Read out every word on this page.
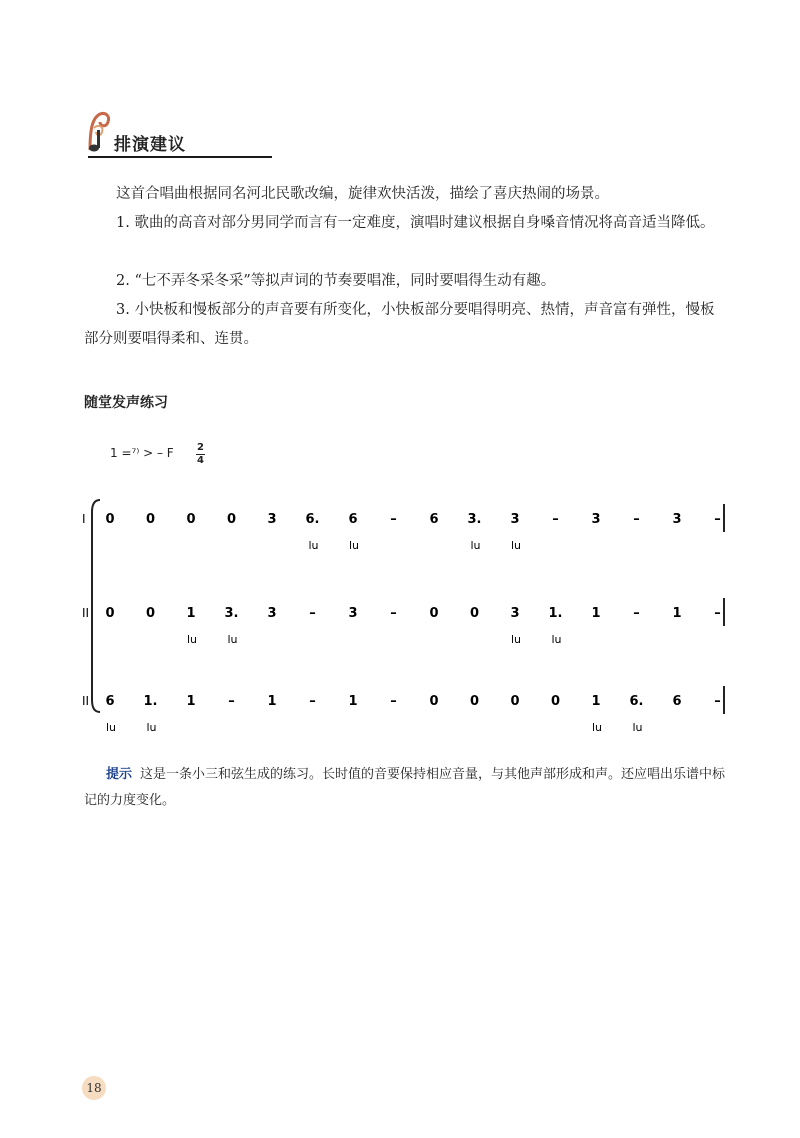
排演建议
这首合唱曲根据同名河北民歌改编，旋律欢快活泼，描绘了喜庆热闹的场景。
1. 歌曲的高音对部分男同学而言有一定难度，演唱时建议根据自身嗓音情况将高音适当降低。
2. “七不弄冬采冬采”等拟声词的节奏要唱准，同时要唱得生动有趣。
3. 小快板和慢板部分的声音要有所变化，小快板部分要唱得明亮、热情，声音富有弹性，慢板部分则要唱得柔和、连贯。
随堂发声练习
1 =⁷⁾ > – F 2
4
I 0 0 0 0 3 6. 6	–	6 3. 3	–	3	–	3	–
lu	lu	lu	lu
II 0 0 1 3. 3	–	3	–	0 0 3 1. 1	–	1	–
lu	lu	lu	lu
II 6 1. 1	–	1	–	1	–	0 0 0 0 1 6. 6	–
lu	lu	lu	lu
提示 这是一条小三和弦生成的练习。长时值的音要保持相应音量，与其他声部形成和声。还应唱出乐谱中标记的力度变化。
18
